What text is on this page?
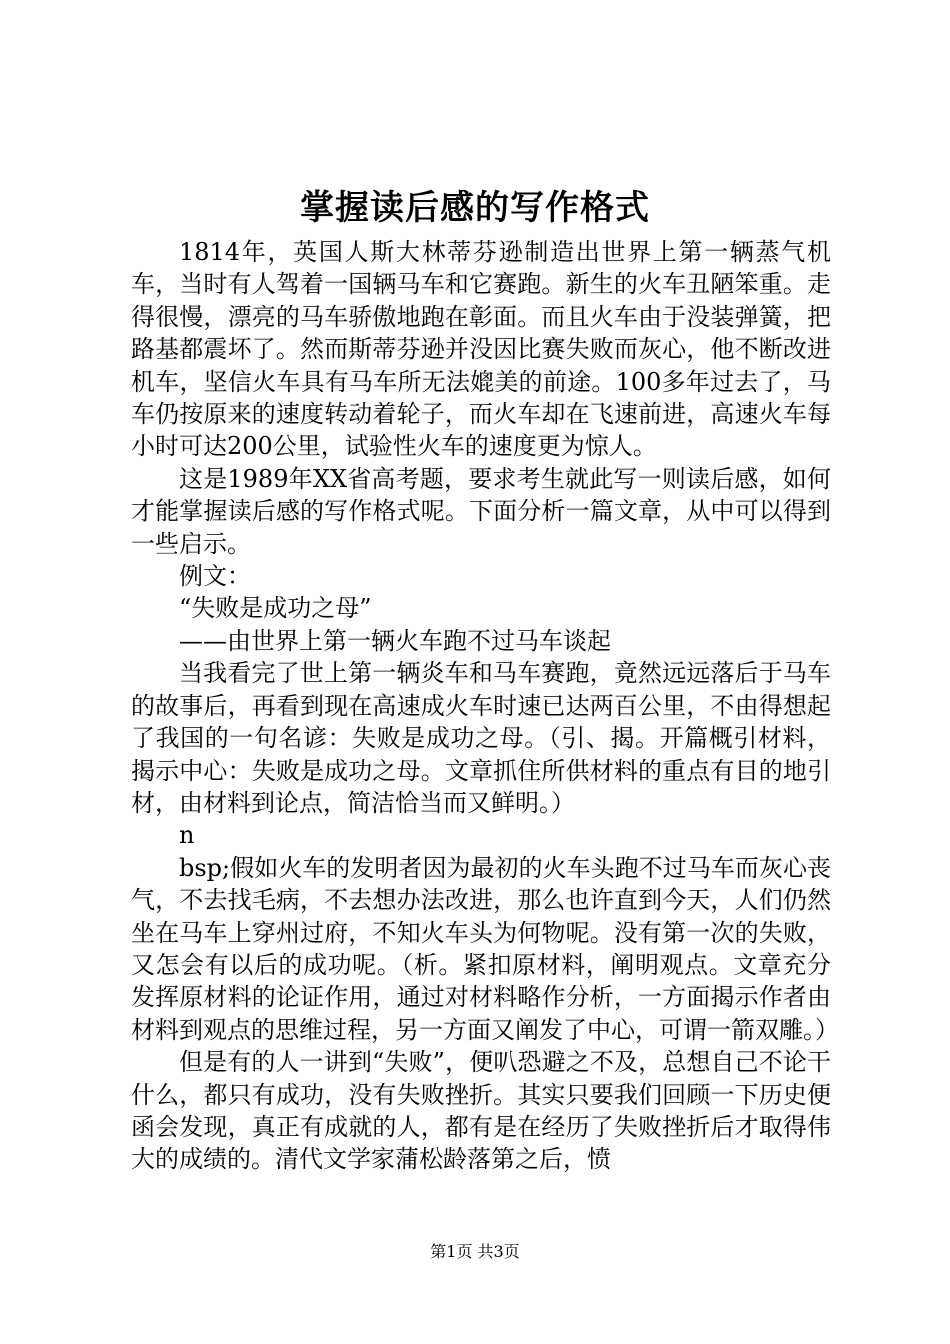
掌握读后感的写作格式

1814年，英国人斯大林蒂芬逊制造出世界上第一辆蒸气机车，当时有人驾着一国辆马车和它赛跑。新生的火车丑陋笨重。走得很慢，漂亮的马车骄傲地跑在彰面。而且火车由于没装弹簧，把路基都震坏了。然而斯蒂芬逊并没因比赛失败而灰心，他不断改进机车，坚信火车具有马车所无法媲美的前途。100多年过去了，马车仍按原来的速度转动着轮子，而火车却在飞速前进，高速火车每小时可达200公里，试验性火车的速度更为惊人。

这是1989年XX省高考题，要求考生就此写一则读后感，如何才能掌握读后感的写作格式呢。下面分析一篇文章，从中可以得到一些启示。

例文：

“失败是成功之母”

——由世界上第一辆火车跑不过马车谈起

当我看完了世上第一辆炎车和马车赛跑，竟然远远落后于马车的故事后，再看到现在高速成火车时速已达两百公里，不由得想起了我国的一句名谚：失败是成功之母。（引、揭。开篇概引材料，揭示中心：失败是成功之母。文章抓住所供材料的重点有目的地引材，由材料到论点，简洁恰当而又鲜明。）

n

bsp;假如火车的发明者因为最初的火车头跑不过马车而灰心丧气，不去找毛病，不去想办法改进，那么也许直到今天，人们仍然坐在马车上穿州过府，不知火车头为何物呢。没有第一次的失败，又怎会有以后的成功呢。（析。紧扣原材料，阐明观点。文章充分发挥原材料的论证作用，通过对材料略作分析，一方面揭示作者由材料到观点的思维过程，另一方面又阐发了中心，可谓一箭双雕。）

但是有的人一讲到“失败”，便叭恐避之不及，总想自己不论干什么，都只有成功，没有失败挫折。其实只要我们回顾一下历史便函会发现，真正有成就的人，都有是在经历了失败挫折后才取得伟大的成绩的。清代文学家蒲松龄落第之后，愤

第1页 共3页
